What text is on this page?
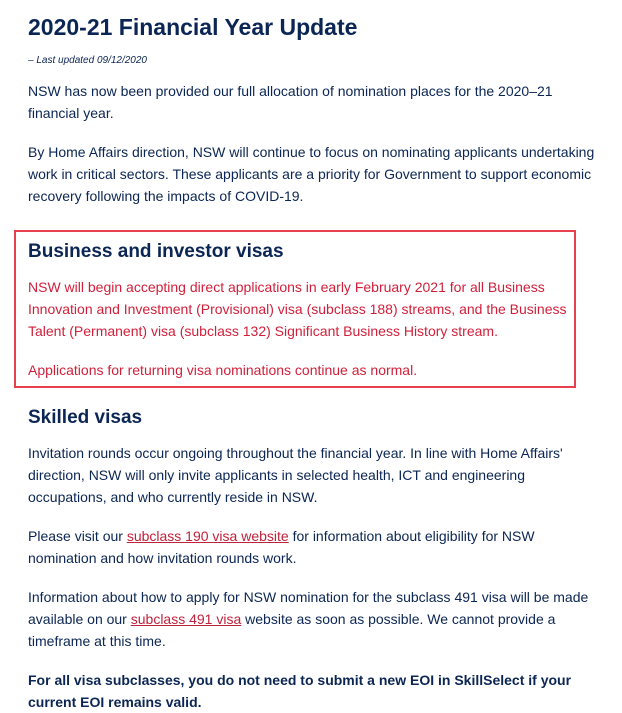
2020-21 Financial Year Update
– Last updated 09/12/2020

NSW has now been provided our full allocation of nomination places for the 2020–21 financial year.

By Home Affairs direction, NSW will continue to focus on nominating applicants undertaking work in critical sectors. These applicants are a priority for Government to support economic recovery following the impacts of COVID-19.

Business and investor visas

NSW will begin accepting direct applications in early February 2021 for all Business Innovation and Investment (Provisional) visa (subclass 188) streams, and the Business Talent (Permanent) visa (subclass 132) Significant Business History stream.

Applications for returning visa nominations continue as normal.

Skilled visas

Invitation rounds occur ongoing throughout the financial year. In line with Home Affairs' direction, NSW will only invite applicants in selected health, ICT and engineering occupations, and who currently reside in NSW.

Please visit our subclass 190 visa website for information about eligibility for NSW nomination and how invitation rounds work.

Information about how to apply for NSW nomination for the subclass 491 visa will be made available on our subclass 491 visa website as soon as possible. We cannot provide a timeframe at this time.

For all visa subclasses, you do not need to submit a new EOI in SkillSelect if your current EOI remains valid.
